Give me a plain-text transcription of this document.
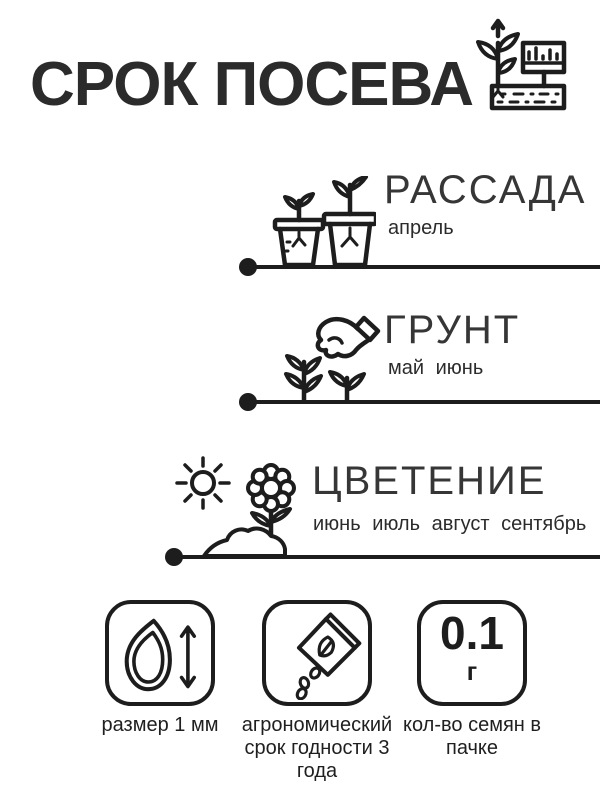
СРОК ПОСЕВА
РАССАДА
апрель
ГРУНТ
май июнь
ЦВЕТЕНИЕ
июнь июль август сентябрь
размер 1 мм	агрономический срок годности 3 года
0.1
г
кол-во семян в пачке
